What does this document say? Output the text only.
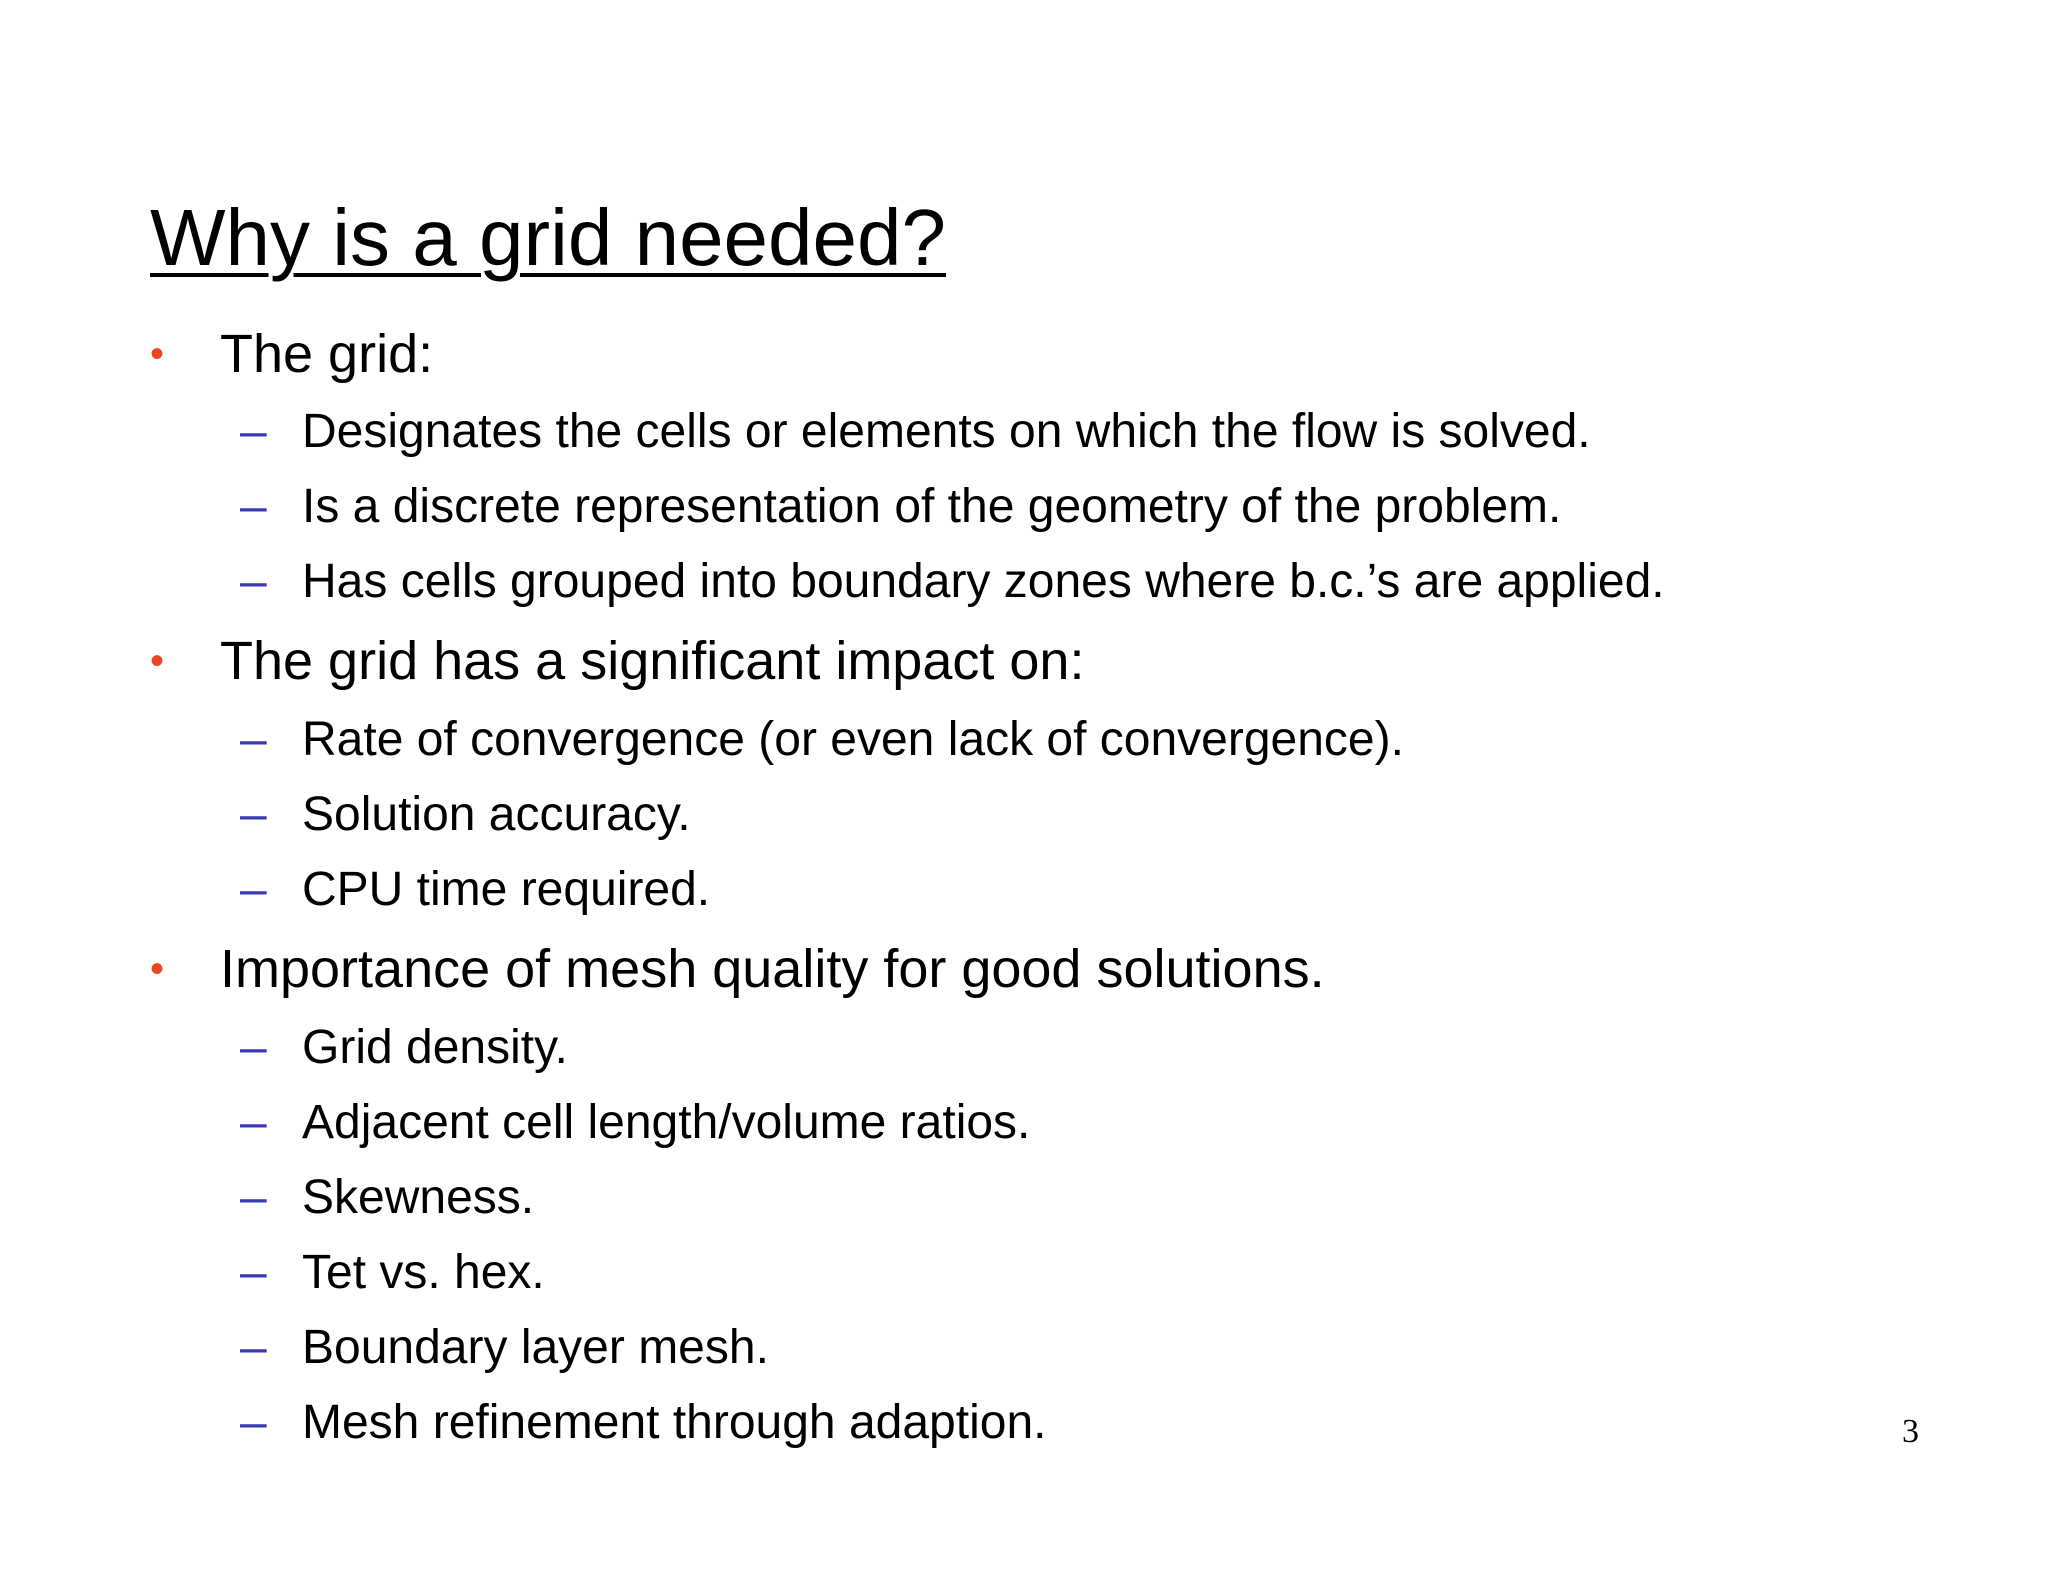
Why is a grid needed?
•	The grid:
– Designates the cells or elements on which the flow is solved.
– Is a discrete representation of the geometry of the problem.
– Has cells grouped into boundary zones where b.c.’s are applied.
•	The grid has a significant impact on:
– Rate of convergence (or even lack of convergence).
– Solution accuracy.
– CPU time required.
•	Importance of mesh quality for good solutions.
– Grid density.
– Adjacent cell length/volume ratios.
– Skewness.
– Tet vs. hex.
– Boundary layer mesh.
– Mesh refinement through adaption.	3
